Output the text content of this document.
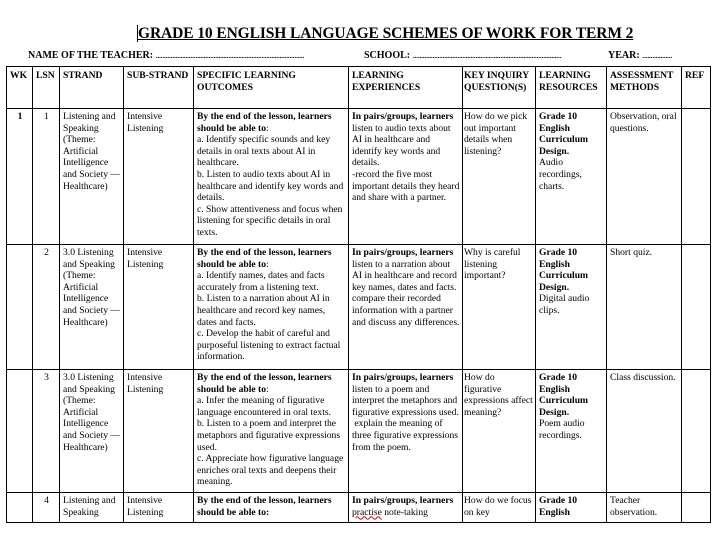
GRADE 10 ENGLISH LANGUAGE SCHEMES OF WORK FOR TERM 2
NAME OF THE TEACHER: ..........................................................................................	SCHOOL: ..........................................................................................	YEAR: ..................
WK	LSN	STRAND	SUB-STRAND	SPECIFIC LEARNING OUTCOMES	LEARNING EXPERIENCES	KEY INQUIRY QUESTION(S)	LEARNING RESOURCES	ASSESSMENT METHODS	REF
1	1	Listening and Speaking (Theme: Artificial Intelligence and Society — Healthcare)	Intensive Listening	By the end of the lesson, learners should be able to:
a. Identify specific sounds and key details in oral texts about AI in healthcare.
b. Listen to audio texts about AI in healthcare and identify key words and details.
c. Show attentiveness and focus when listening for specific details in oral texts.	In pairs/groups, learners listen to audio texts about AI in healthcare and identify key words and details.
-record the five most important details they heard and share with a partner.	How do we pick out important details when listening?	Grade 10 English Curriculum Design.
Audio recordings, charts.	Observation, oral questions.	
	2	3.0 Listening and Speaking (Theme: Artificial Intelligence and Society — Healthcare)	Intensive Listening	By the end of the lesson, learners should be able to:
a. Identify names, dates and facts accurately from a listening text.
b. Listen to a narration about AI in healthcare and record key names, dates and facts.
c. Develop the habit of careful and purposeful listening to extract factual information.	In pairs/groups, learners listen to a narration about AI in healthcare and record key names, dates and facts.
compare their recorded information with a partner and discuss any differences.	Why is careful listening important?	Grade 10 English Curriculum Design.
Digital audio clips.	Short quiz.	
	3	3.0 Listening and Speaking (Theme: Artificial Intelligence and Society — Healthcare)	Intensive Listening	By the end of the lesson, learners should be able to:
a. Infer the meaning of figurative language encountered in oral texts.
b. Listen to a poem and interpret the metaphors and figurative expressions used.
c. Appreciate how figurative language enriches oral texts and deepens their meaning.	In pairs/groups, learners listen to a poem and interpret the metaphors and figurative expressions used.
explain the meaning of three figurative expressions from the poem.	How do figurative expressions affect meaning?	Grade 10 English Curriculum Design.
Poem audio recordings.	Class discussion.	
	4	Listening and Speaking	Intensive Listening	By the end of the lesson, learners should be able to:	In pairs/groups, learners practise note-taking	How do we focus on key	Grade 10 English	Teacher observation.	
